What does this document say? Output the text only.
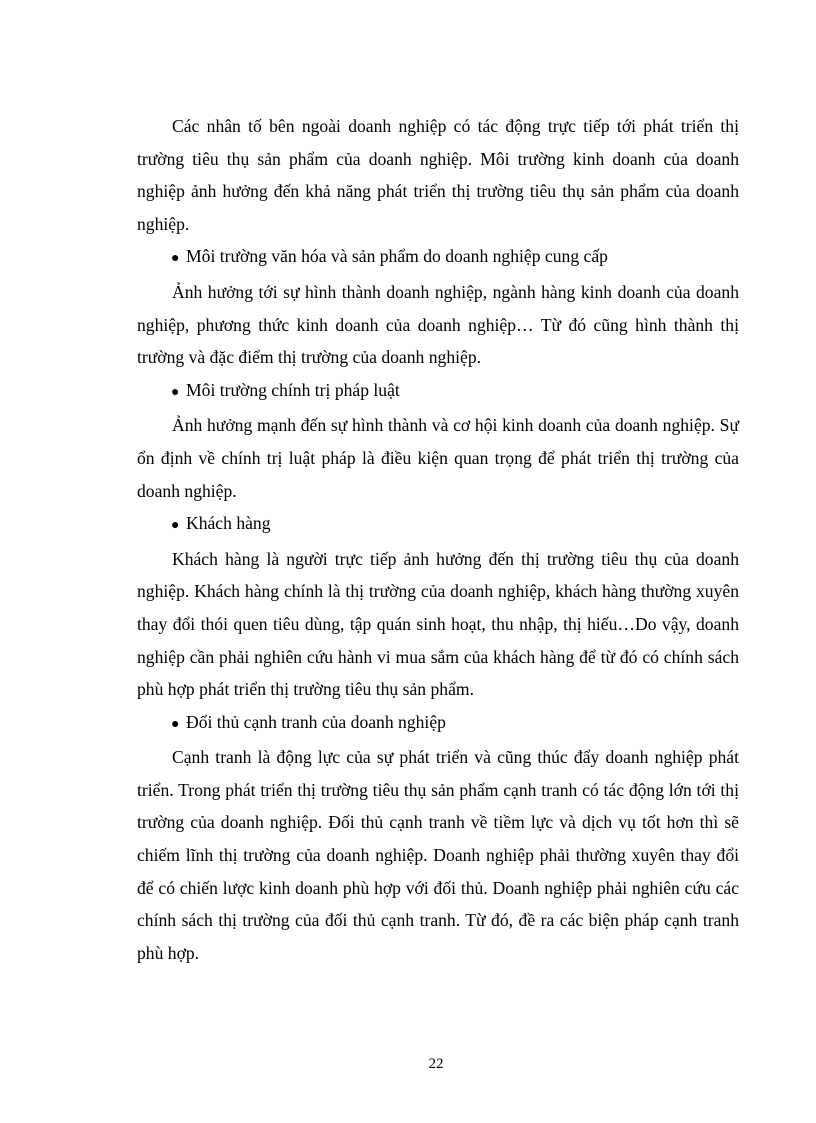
Các nhân tố bên ngoài doanh nghiệp có tác động trực tiếp tới phát triển thị trường tiêu thụ sản phẩm của doanh nghiệp. Môi trường kinh doanh của doanh nghiệp ảnh hưởng đến khả năng phát triển thị trường tiêu thụ sản phẩm của doanh nghiệp.

● Môi trường văn hóa và sản phẩm do doanh nghiệp cung cấp

Ảnh hưởng tới sự hình thành doanh nghiệp, ngành hàng kinh doanh của doanh nghiệp, phương thức kinh doanh của doanh nghiệp… Từ đó cũng hình thành thị trường và đặc điểm thị trường của doanh nghiệp.

● Môi trường chính trị pháp luật

Ảnh hưởng mạnh đến sự hình thành và cơ hội kinh doanh của doanh nghiệp. Sự ổn định về chính trị luật pháp là điều kiện quan trọng để phát triển thị trường của doanh nghiệp.

● Khách hàng

Khách hàng là người trực tiếp ảnh hưởng đến thị trường tiêu thụ của doanh nghiệp. Khách hàng chính là thị trường của doanh nghiệp, khách hàng thường xuyên thay đổi thói quen tiêu dùng, tập quán sinh hoạt, thu nhập, thị hiếu…Do vậy, doanh nghiệp cần phải nghiên cứu hành vi mua sắm của khách hàng để từ đó có chính sách phù hợp phát triển thị trường tiêu thụ sản phẩm.

● Đối thủ cạnh tranh của doanh nghiệp

Cạnh tranh là động lực của sự phát triển và cũng thúc đẩy doanh nghiệp phát triển. Trong phát triển thị trường tiêu thụ sản phẩm cạnh tranh có tác động lớn tới thị trường của doanh nghiệp. Đối thủ cạnh tranh về tiềm lực và dịch vụ tốt hơn thì sẽ chiếm lĩnh thị trường của doanh nghiệp. Doanh nghiệp phải thường xuyên thay đổi để có chiến lược kinh doanh phù hợp với đối thủ. Doanh nghiệp phải nghiên cứu các chính sách thị trường của đối thủ cạnh tranh. Từ đó, đề ra các biện pháp cạnh tranh phù hợp.

22
